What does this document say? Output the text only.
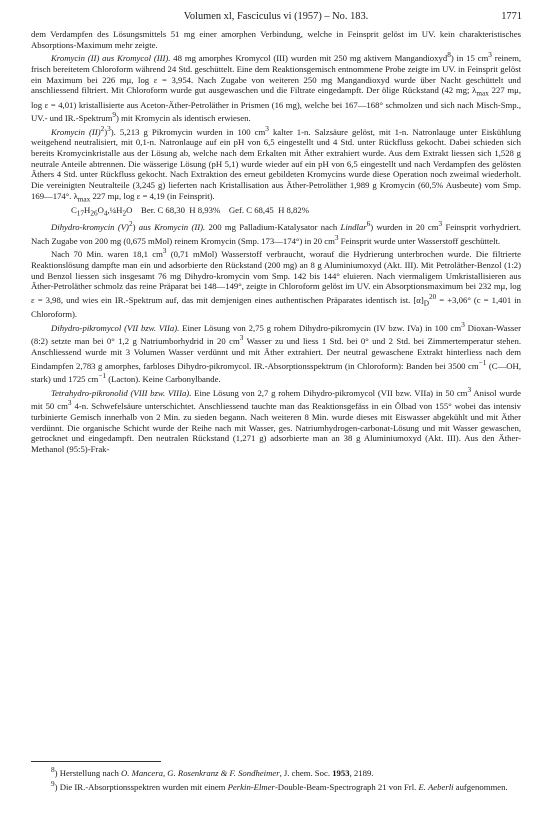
Volumen xl, Fasciculus vi (1957) – No. 183.	1771

dem Verdampfen des Lösungsmittels 51 mg einer amorphen Verbindung, welche in Feinsprit gelöst im UV. kein charakteristisches Absorptions-Maximum mehr zeigte.

Kromycin (II) aus Kromycol (III). 48 mg amorphes Kromycol (III) wurden mit 250 mg aktivem Mangandioxyd$^8$) in 15 $cm^3$ reinem, frisch bereitetem Chloroform während 24 Std. geschüttelt. Eine dem Reaktionsgemisch entnommene Probe zeigte im UV. in Feinsprit gelöst ein Maximum bei 226 mμ, log ε = 3,954. Nach Zugabe von weiteren 250 mg Mangandioxyd wurde über Nacht geschüttelt und anschliessend filtriert. Mit Chloroform wurde gut ausgewaschen und die Filtrate eingedampft. Der ölige Rückstand (42 mg; $\lambda_{max}$ 227 mμ, log ε = 4,01) kristallisierte aus Aceton-Äther-Petroläther in Prismen (16 mg), welche bei 167—168° schmolzen und sich nach Misch-Smp., UV.- und IR.-Spektrum$^9$) mit Kromycin als identisch erwiesen.

Kromycin (II)$^2$)$^3$). 5,213 g Pikromycin wurden in 100 $cm^3$ kalter 1-n. Salzsäure gelöst, mit 1-n. Natronlauge unter Eiskühlung weitgehend neutralisiert, mit 0,1-n. Natronlauge auf ein pH von 6,5 eingestellt und 4 Std. unter Rückfluss gekocht. Dabei schieden sich bereits Kromycinkristalle aus der Lösung ab, welche nach dem Erkalten mit Äther extrahiert wurde. Aus dem Extrakt liessen sich 1,528 g neutrale Anteile abtrennen. Die wässerige Lösung (pH 5,1) wurde wieder auf ein pH von 6,5 eingestellt und nach Verdampfen des gelösten Äthers 4 Std. unter Rückfluss gekocht. Nach Extraktion des erneut gebildeten Kromycins wurde diese Operation noch zweimal wiederholt. Die vereinigten Neutralteile (3,245 g) lieferten nach Kristallisation aus Äther-Petroläther 1,989 g Kromycin (60,5% Ausbeute) vom Smp. 169—174°. $\lambda_{max}$ 227 mμ, log ε = 4,19 (in Feinsprit).

$C_{17}H_{26}O_4,\frac{1}{4}H_2O$    Ber. C 68,30  H 8,93%    Gef. C 68,45  H 8,82%

Dihydro-kromycin $(V)^2$) aus Kromycin (II). 200 mg Palladium-Katalysator nach Lindlar$^6$) wurden in 20 $cm^3$ Feinsprit vorhydriert. Nach Zugabe von 200 mg (0,675 mMol) reinem Kromycin (Smp. 173—174°) in 20 $cm^3$ Feinsprit wurde unter Wasserstoff geschüttelt.

Nach 70 Min. waren 18,1 $cm^3$ (0,71 mMol) Wasserstoff verbraucht, worauf die Hydrierung unterbrochen wurde. Die filtrierte Reaktionslösung dampfte man ein und adsorbierte den Rückstand (200 mg) an 8 g Aluminiumoxyd (Akt. III). Mit Petroläther-Benzol (1:2) und Benzol liessen sich insgesamt 76 mg Dihydro-kromycin vom Smp. 142 bis 144° eluieren. Nach viermaligem Umkristallisieren aus Äther-Petroläther schmolz das reine Präparat bei 148—149°, zeigte in Chloroform gelöst im UV. ein Absorptionsmaximum bei 232 mμ, log ε = 3,98, und wies ein IR.-Spektrum auf, das mit demjenigen eines authentischen Präparates identisch ist. $[\alpha]_D^{20} = +3,06^\circ$ (c = 1,401 in Chloroform).

Dihydro-pikromycol (VII bzw. VIIa). Einer Lösung von 2,75 g rohem Dihydro-pikromycin (IV bzw. IVa) in 100 $cm^3$ Dioxan-Wasser (8:2) setzte man bei 0° 1,2 g Natriumborhydrid in 20 $cm^3$ Wasser zu und liess 1 Std. bei 0° und 2 Std. bei Zimmertemperatur stehen. Anschliessend wurde mit 3 Volumen Wasser verdünnt und mit Äther extrahiert. Der neutral gewaschene Extrakt hinterliess nach dem Eindampfen 2,783 g amorphes, farbloses Dihydro-pikromycol. IR.-Absorptionsspektrum (in Chloroform): Banden bei 3500 $cm^{-1}$ (C—OH, stark) und 1725 $cm^{-1}$ (Lacton). Keine Carbonylbande.

Tetrahydro-pikronolid (VIII bzw. VIIIa). Eine Lösung von 2,7 g rohem Dihydro-pikromycol (VII bzw. VIIa) in 50 $cm^3$ Anisol wurde mit 50 $cm^3$ 4-n. Schwefelsäure unterschichtet. Anschliessend tauchte man das Reaktionsgefäss in ein Ölbad von 155° wobei das intensiv turbinierte Gemisch innerhalb von 2 Min. zu sieden begann. Nach weiteren 8 Min. wurde dieses mit Eiswasser abgekühlt und mit Äther verdünnt. Die organische Schicht wurde der Reihe nach mit Wasser, ges. Natriumhydrogen-carbonat-Lösung und mit Wasser gewaschen, getrocknet und eingedampft. Den neutralen Rückstand (1,271 g) adsorbierte man an 38 g Aluminiumoxyd (Akt. III). Aus den Äther-Methanol (95:5)-Frak-

$^8$) Herstellung nach O. Mancera, G. Rosenkranz & F. Sondheimer, J. chem. Soc. 1953, 2189.

$^9$) Die IR.-Absorptionsspektren wurden mit einem Perkin-Elmer-Double-Beam-Spectrograph 21 von Frl. E. Aeberli aufgenommen.
